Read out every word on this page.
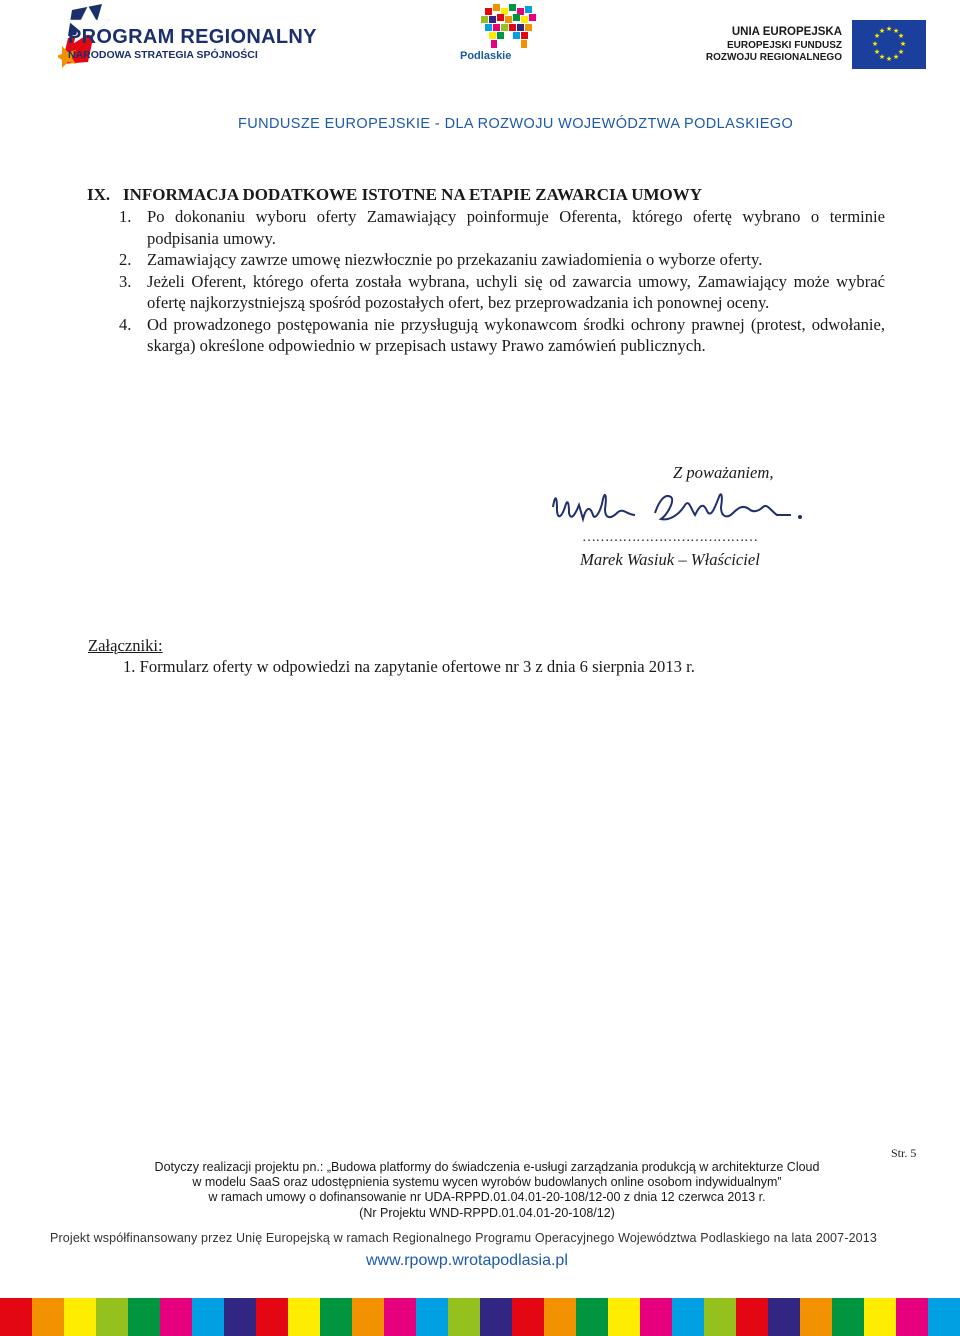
PROGRAM REGIONALNY
NARODOWA STRATEGIA SPÓJNOŚCI	Podlaskie
UNIA EUROPEJSKA
EUROPEJSKI FUNDUSZ
ROZWOJU REGIONALNEGO
★ ★
★
★
★
★
★
★
★
★
★
★
FUNDUSZE EUROPEJSKIE - DLA ROZWOJU WOJEWÓDZTWA PODLASKIEGO
IX. INFORMACJA DODATKOWE ISTOTNE NA ETAPIE ZAWARCIA UMOWY
1. Po dokonaniu wyboru oferty Zamawiający poinformuje Oferenta, którego ofertę wybrano o terminie podpisania umowy.
2. Zamawiający zawrze umowę niezwłocznie po przekazaniu zawiadomienia o wyborze oferty.
3. Jeżeli Oferent, którego oferta została wybrana, uchyli się od zawarcia umowy, Zamawiający może wybrać ofertę najkorzystniejszą spośród pozostałych ofert, bez przeprowadzania ich ponownej oceny.
4. Od prowadzonego postępowania nie przysługują wykonawcom środki ochrony prawnej (protest, odwołanie, skarga) określone odpowiednio w przepisach ustawy Prawo zamówień publicznych.
Z poważaniem,
…………………………………
Marek Wasiuk – Właściciel
Załączniki:
1. Formularz oferty w odpowiedzi na zapytanie ofertowe nr 3 z dnia 6 sierpnia 2013 r.
Str. 5
Dotyczy realizacji projektu pn.: „Budowa platformy do świadczenia e-usługi zarządzania produkcją w architekturze Cloud
w modelu SaaS oraz udostępnienia systemu wycen wyrobów budowlanych online osobom indywidualnym”
w ramach umowy o dofinansowanie nr UDA-RPPD.01.04.01-20-108/12-00 z dnia 12 czerwca 2013 r.
(Nr Projektu WND-RPPD.01.04.01-20-108/12)
Projekt współfinansowany przez Unię Europejską w ramach Regionalnego Programu Operacyjnego Województwa Podlaskiego na lata 2007-2013
www.rpowp.wrotapodlasia.pl
